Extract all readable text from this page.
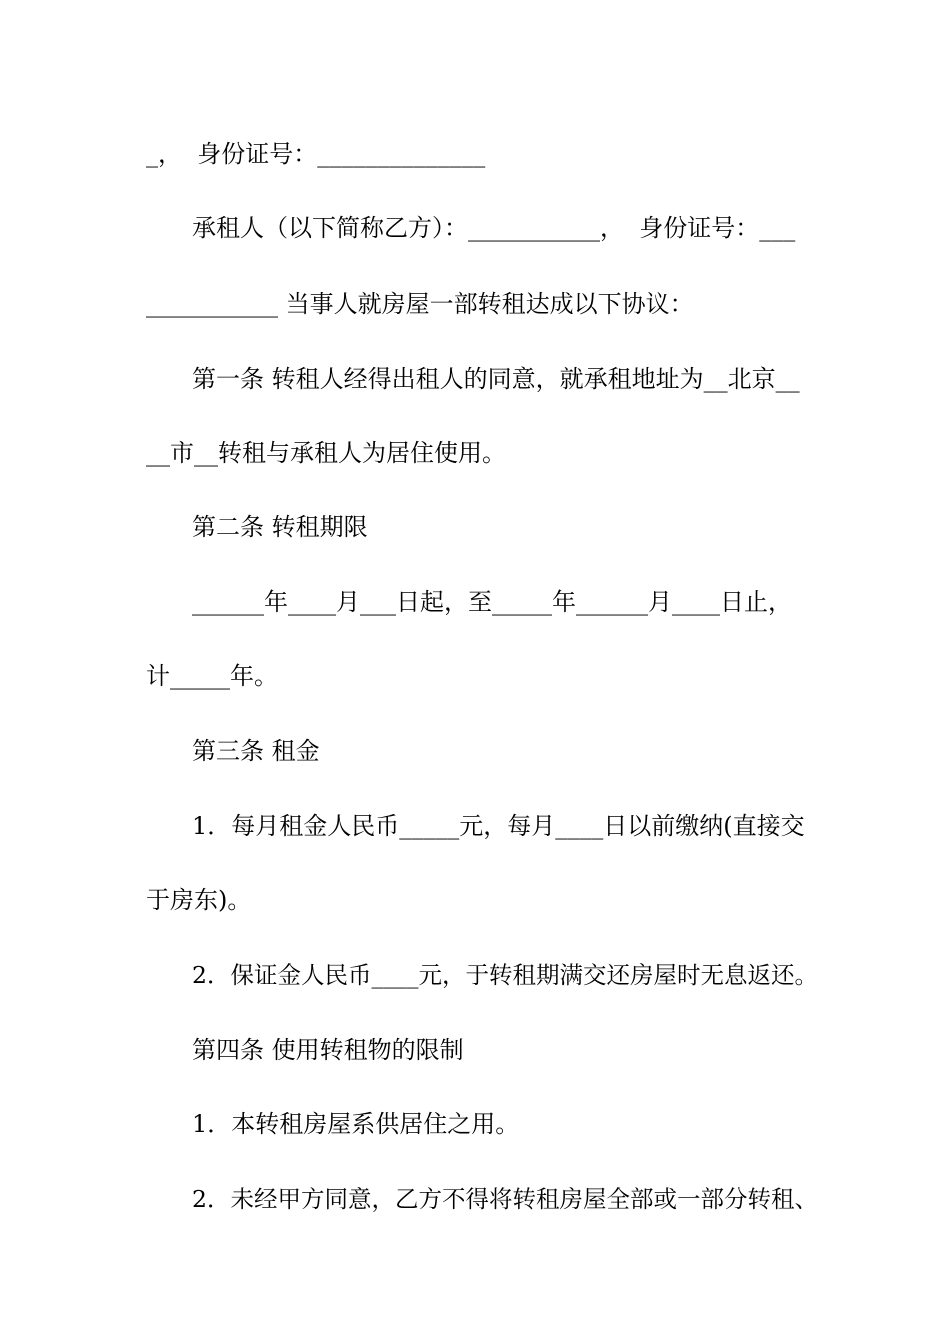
_，  身份证号：______________
承租人（以下简称乙方）：___________，  身份证号：___
___________ 当事人就房屋一部转租达成以下协议：
第一条 转租人经得出租人的同意，就承租地址为__北京__
__市__转租与承租人为居住使用。
第二条 转租期限
______年____月___日起，至_____年______月____日止，
计_____年。
第三条 租金
1．每月租金人民币_____元，每月____日以前缴纳(直接交
于房东)。
2．保证金人民币____元，于转租期满交还房屋时无息返还。
第四条 使用转租物的限制
1．本转租房屋系供居住之用。
2．未经甲方同意，乙方不得将转租房屋全部或一部分转租、
